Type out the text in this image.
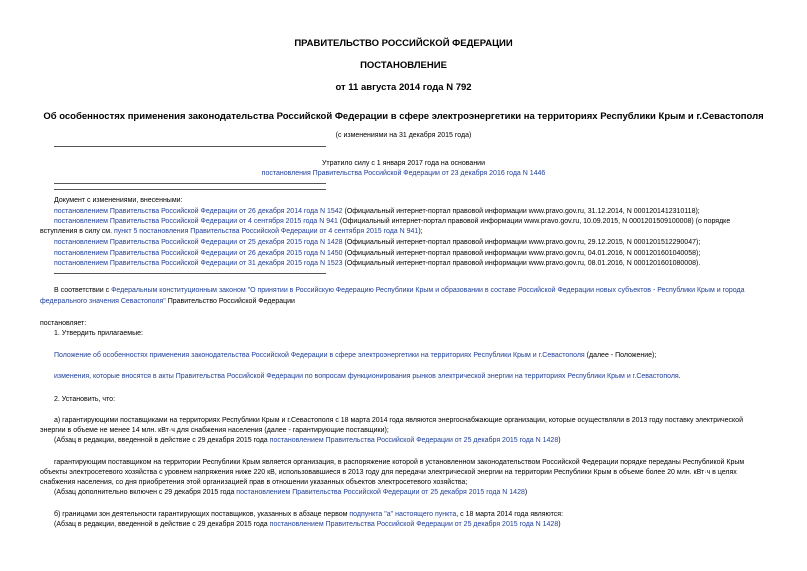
ПРАВИТЕЛЬСТВО РОССИЙСКОЙ ФЕДЕРАЦИИ
ПОСТАНОВЛЕНИЕ
от 11 августа 2014 года N 792
Об особенностях применения законодательства Российской Федерации в сфере электроэнергетики на территориях Республики Крым и г.Севастополя
(с изменениями на 31 декабря 2015 года)
Утратило силу с 1 января 2017 года на основании
постановления Правительства Российской Федерации от 23 декабря 2016 года N 1446
Документ с изменениями, внесенными:
постановлением Правительства Российской Федерации от 26 декабря 2014 года N 1542 (Официальный интернет-портал правовой информации www.pravo.gov.ru, 31.12.2014, N 0001201412310118);
постановлением Правительства Российской Федерации от 4 сентября 2015 года N 941 (Официальный интернет-портал правовой информации www.pravo.gov.ru, 10.09.2015, N 0001201509100008) (о порядке
вступления в силу см. пункт 5 постановления Правительства Российской Федерации от 4 сентября 2015 года N 941);
постановлением Правительства Российской Федерации от 25 декабря 2015 года N 1428 (Официальный интернет-портал правовой информации www.pravo.gov.ru, 29.12.2015, N 0001201512290047);
постановлением Правительства Российской Федерации от 26 декабря 2015 года N 1450 (Официальный интернет-портал правовой информации www.pravo.gov.ru, 04.01.2016, N 0001201601040058);
постановлением Правительства Российской Федерации от 31 декабря 2015 года N 1523 (Официальный интернет-портал правовой информации www.pravo.gov.ru, 08.01.2016, N 0001201601080008).
В соответствии с Федеральным конституционным законом "О принятии в Российскую Федерацию Республики Крым и образовании в составе Российской Федерации новых субъектов - Республики Крым и города
федерального значения Севастополя" Правительство Российской Федерации
постановляет:
1. Утвердить прилагаемые:
Положение об особенностях применения законодательства Российской Федерации в сфере электроэнергетики на территориях Республики Крым и г.Севастополя (далее - Положение);
изменения, которые вносятся в акты Правительства Российской Федерации по вопросам функционирования рынков электрической энергии на территориях Республики Крым и г.Севастополя.
2. Установить, что:
а) гарантирующими поставщиками на территориях Республики Крым и г.Севастополя с 18 марта 2014 года являются энергоснабжающие организации, которые осуществляли в 2013 году поставку электрической
энергии в объеме не менее 14 млн. кВт·ч для снабжения населения (далее - гарантирующие поставщики);
(Абзац в редакции, введенной в действие с 29 декабря 2015 года постановлением Правительства Российской Федерации от 25 декабря 2015 года N 1428)
гарантирующим поставщиком на территории Республики Крым является организация, в распоряжение которой в установленном законодательством Российской Федерации порядке переданы Республикой Крым
объекты электросетевого хозяйства с уровнем напряжения ниже 220 кВ, использовавшиеся в 2013 году для передачи электрической энергии на территории Республики Крым в объеме более 20 млн. кВт·ч в целях
снабжения населения, со дня приобретения этой организацией прав в отношении указанных объектов электросетевого хозяйства;
(Абзац дополнительно включен с 29 декабря 2015 года постановлением Правительства Российской Федерации от 25 декабря 2015 года N 1428)
б) границами зон деятельности гарантирующих поставщиков, указанных в абзаце первом подпункта "а" настоящего пункта, с 18 марта 2014 года являются:
(Абзац в редакции, введенной в действие с 29 декабря 2015 года постановлением Правительства Российской Федерации от 25 декабря 2015 года N 1428)
